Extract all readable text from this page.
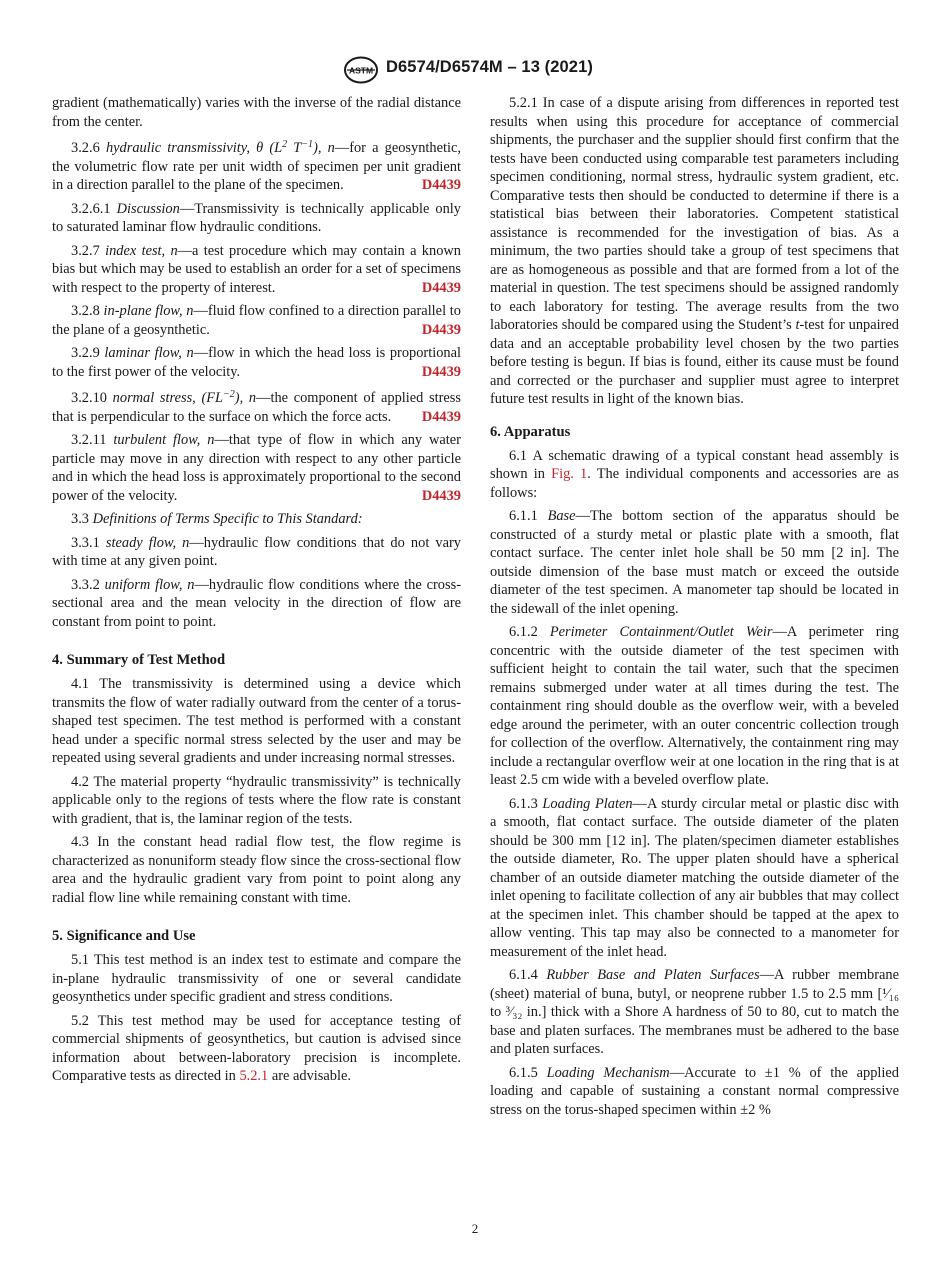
ASTM D6574/D6574M – 13 (2021)

gradient (mathematically) varies with the inverse of the radial distance from the center.

3.2.6 hydraulic transmissivity, θ (L$^2$ T$^{-1}$), n—for a geosynthetic, the volumetric flow rate per unit width of specimen per unit gradient in a direction parallel to the plane of the specimen.	D4439

3.2.6.1 Discussion—Transmissivity is technically applicable only to saturated laminar flow hydraulic conditions.

3.2.7 index test, n—a test procedure which may contain a known bias but which may be used to establish an order for a set of specimens with respect to the property of interest.	D4439

3.2.8 in-plane flow, n—fluid flow confined to a direction parallel to the plane of a geosynthetic.	D4439

3.2.9 laminar flow, n—flow in which the head loss is proportional to the first power of the velocity.	D4439

3.2.10 normal stress, (FL$^{-2}$), n—the component of applied stress that is perpendicular to the surface on which the force acts.	D4439

3.2.11 turbulent flow, n—that type of flow in which any water particle may move in any direction with respect to any other particle and in which the head loss is approximately proportional to the second power of the velocity.	D4439

3.3 Definitions of Terms Specific to This Standard:

3.3.1 steady flow, n—hydraulic flow conditions that do not vary with time at any given point.

3.3.2 uniform flow, n—hydraulic flow conditions where the cross-sectional area and the mean velocity in the direction of flow are constant from point to point.

4. Summary of Test Method

4.1 The transmissivity is determined using a device which transmits the flow of water radially outward from the center of a torus-shaped test specimen. The test method is performed with a constant head under a specific normal stress selected by the user and may be repeated using several gradients and under increasing normal stresses.

4.2 The material property “hydraulic transmissivity” is technically applicable only to the regions of tests where the flow rate is constant with gradient, that is, the laminar region of the tests.

4.3 In the constant head radial flow test, the flow regime is characterized as nonuniform steady flow since the cross-sectional flow area and the hydraulic gradient vary from point to point along any radial flow line while remaining constant with time.

5. Significance and Use

5.1 This test method is an index test to estimate and compare the in-plane hydraulic transmissivity of one or several candidate geosynthetics under specific gradient and stress conditions.

5.2 This test method may be used for acceptance testing of commercial shipments of geosynthetics, but caution is advised since information about between-laboratory precision is incomplete. Comparative tests as directed in 5.2.1 are advisable.

5.2.1 In case of a dispute arising from differences in reported test results when using this procedure for acceptance of commercial shipments, the purchaser and the supplier should first confirm that the tests have been conducted using comparable test parameters including specimen conditioning, normal stress, hydraulic system gradient, etc. Comparative tests then should be conducted to determine if there is a statistical bias between their laboratories. Competent statistical assistance is recommended for the investigation of bias. As a minimum, the two parties should take a group of test specimens that are as homogeneous as possible and that are formed from a lot of the material in question. The test specimens should be assigned randomly to each laboratory for testing. The average results from the two laboratories should be compared using the Student’s t-test for unpaired data and an acceptable probability level chosen by the two parties before testing is begun. If bias is found, either its cause must be found and corrected or the purchaser and supplier must agree to interpret future test results in light of the known bias.

6. Apparatus

6.1 A schematic drawing of a typical constant head assembly is shown in Fig. 1. The individual components and accessories are as follows:

6.1.1 Base—The bottom section of the apparatus should be constructed of a sturdy metal or plastic plate with a smooth, flat contact surface. The center inlet hole shall be 50 mm [2 in]. The outside dimension of the base must match or exceed the outside diameter of the test specimen. A manometer tap should be located in the sidewall of the inlet opening.

6.1.2 Perimeter Containment/Outlet Weir—A perimeter ring concentric with the outside diameter of the test specimen with sufficient height to contain the tail water, such that the specimen remains submerged under water at all times during the test. The containment ring should double as the overflow weir, with a beveled edge around the perimeter, with an outer concentric collection trough for collection of the overflow. Alternatively, the containment ring may include a rectangular overflow weir at one location in the ring that is at least 2.5 cm wide with a beveled overflow plate.

6.1.3 Loading Platen—A sturdy circular metal or plastic disc with a smooth, flat contact surface. The outside diameter of the platen should be 300 mm [12 in]. The platen/specimen diameter establishes the outside diameter, Ro. The upper platen should have a spherical chamber of an outside diameter matching the outside diameter of the inlet opening to facilitate collection of any air bubbles that may collect at the specimen inlet. This chamber should be tapped at the apex to allow venting. This tap may also be connected to a manometer for measurement of the inlet head.

6.1.4 Rubber Base and Platen Surfaces—A rubber membrane (sheet) material of buna, butyl, or neoprene rubber 1.5 to 2.5 mm [¹⁄₁₆ to ³⁄₃₂ in.] thick with a Shore A hardness of 50 to 80, cut to match the base and platen surfaces. The membranes must be adhered to the base and platen surfaces.

6.1.5 Loading Mechanism—Accurate to ±1 % of the applied loading and capable of sustaining a constant normal compressive stress on the torus-shaped specimen within ±2 %

2
